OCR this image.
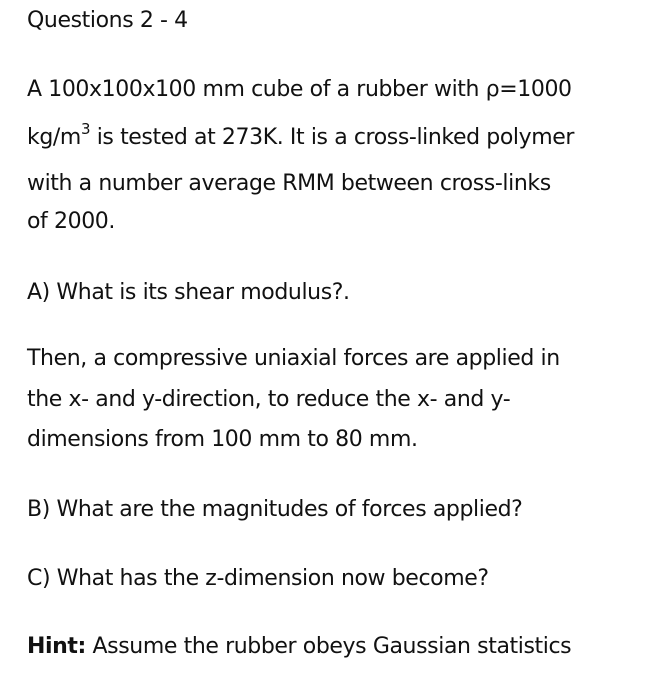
Questions 2 - 4
A 100x100x100 mm cube of a rubber with ρ=1000
$kg/m^3$ is tested at 273K. It is a cross-linked polymer
with a number average RMM between cross-links
of 2000.
A) What is its shear modulus?.
Then, a compressive uniaxial forces are applied in
the x- and y-direction, to reduce the x- and y-
dimensions from 100 mm to 80 mm.
B) What are the magnitudes of forces applied?
C) What has the z-dimension now become?
Hint: Assume the rubber obeys Gaussian statistics
